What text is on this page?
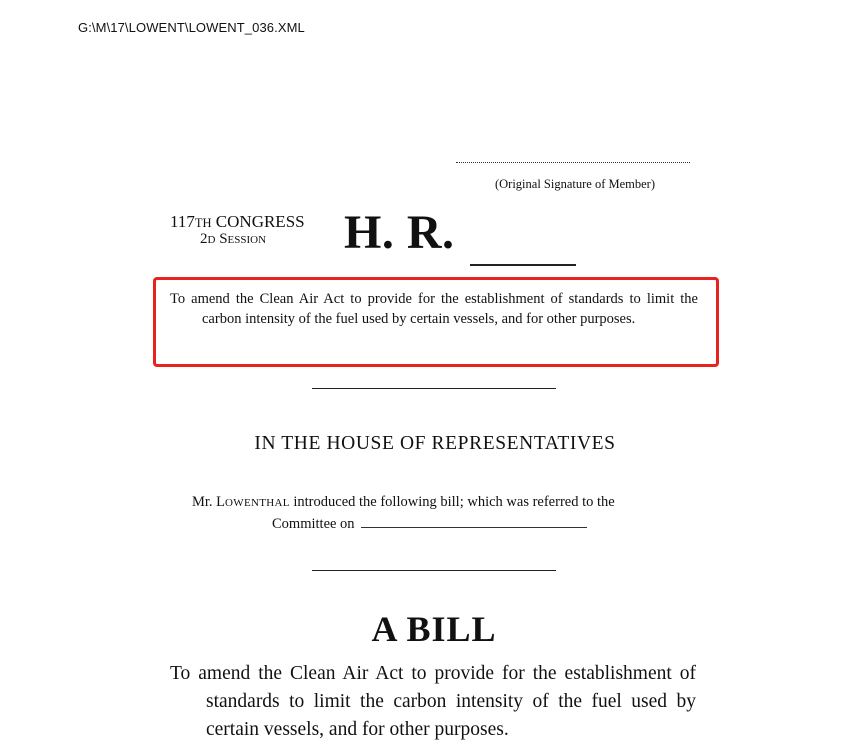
G:\M\17\LOWENT\LOWENT_036.XML
(Original Signature of Member)
117TH CONGRESS
2D SESSION H. R.
To amend the Clean Air Act to provide for the establishment of standards to limit the carbon intensity of the fuel used by certain vessels, and for other purposes.
IN THE HOUSE OF REPRESENTATIVES
Mr. LOWENTHAL introduced the following bill; which was referred to the
Committee on
A BILL
To amend the Clean Air Act to provide for the establishment of standards to limit the carbon intensity of the fuel used by certain vessels, and for other purposes.
